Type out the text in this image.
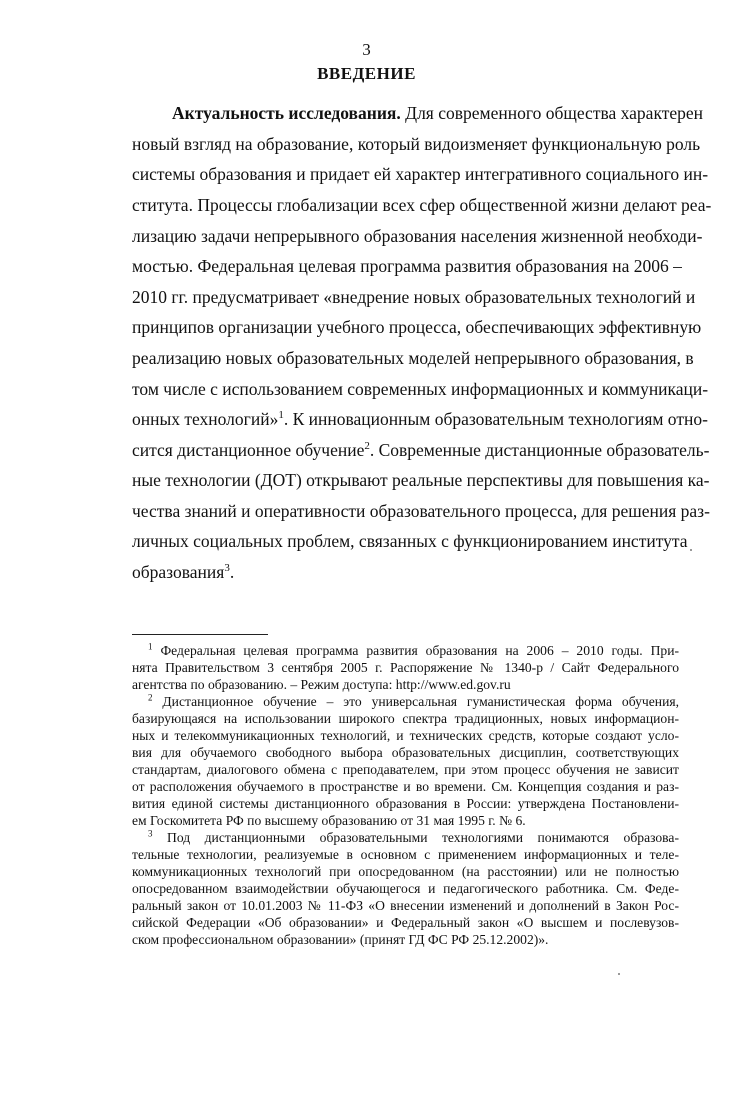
3
ВВЕДЕНИЕ
Актуальность исследования. Для современного общества характерен
новый взгляд на образование, который видоизменяет функциональную роль
системы образования и придает ей характер интегративного социального ин-
ститута. Процессы глобализации всех сфер общественной жизни делают реа-
лизацию задачи непрерывного образования населения жизненной необходи-
мостью. Федеральная целевая программа развития образования на 2006 –
2010 гг. предусматривает «внедрение новых образовательных технологий и
принципов организации учебного процесса, обеспечивающих эффективную
реализацию новых образовательных моделей непрерывного образования, в
том числе с использованием современных информационных и коммуникаци-
онных технологий»$^1$. К инновационным образовательным технологиям отно-
сится дистанционное обучение$^2$. Современные дистанционные образователь-
ные технологии (ДОТ) открывают реальные перспективы для повышения ка-
чества знаний и оперативности образовательного процесса, для решения раз-
личных социальных проблем, связанных с функционированием института
образования$^3$.
$^1$ Федеральная целевая программа развития образования на 2006 – 2010 годы. При-
нята Правительством 3 сентября 2005 г. Распоряжение № 1340-р / Сайт Федерального
агентства по образованию. – Режим доступа: http://www.ed.gov.ru
$^2$ Дистанционное обучение – это универсальная гуманистическая форма обучения,
базирующаяся на использовании широкого спектра традиционных, новых информацион-
ных и телекоммуникационных технологий, и технических средств, которые создают усло-
вия для обучаемого свободного выбора образовательных дисциплин, соответствующих
стандартам, диалогового обмена с преподавателем, при этом процесс обучения не зависит
от расположения обучаемого в пространстве и во времени. См. Концепция создания и раз-
вития единой системы дистанционного образования в России: утверждена Постановлени-
ем Госкомитета РФ по высшему образованию от 31 мая 1995 г. № 6.
$^3$ Под дистанционными образовательными технологиями понимаются образова-
тельные технологии, реализуемые в основном с применением информационных и теле-
коммуникационных технологий при опосредованном (на расстоянии) или не полностью
опосредованном взаимодействии обучающегося и педагогического работника. См. Феде-
ральный закон от 10.01.2003 № 11-ФЗ «О внесении изменений и дополнений в Закон Рос-
сийской Федерации «Об образовании» и Федеральный закон «О высшем и послевузов-
ском профессиональном образовании» (принят ГД ФС РФ 25.12.2002)».
